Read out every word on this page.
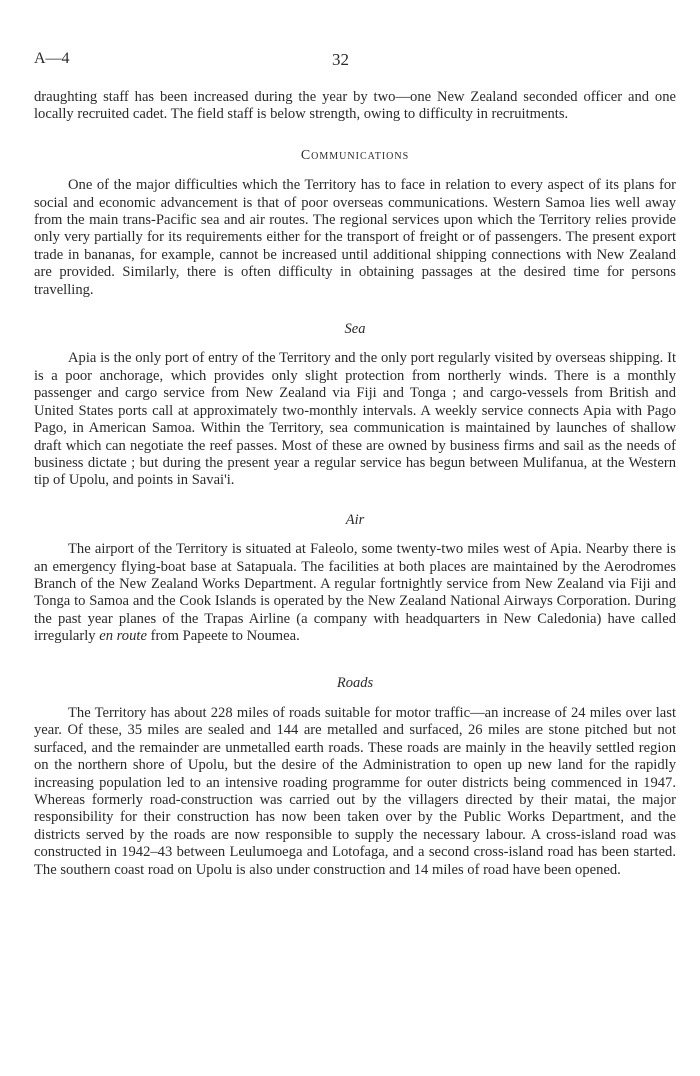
A—4	32

draughting staff has been increased during the year by two—one New Zealand seconded officer and one locally recruited cadet. The field staff is below strength, owing to difficulty in recruitments.

Communications

One of the major difficulties which the Territory has to face in relation to every aspect of its plans for social and economic advancement is that of poor overseas communications. Western Samoa lies well away from the main trans-Pacific sea and air routes. The regional services upon which the Territory relies provide only very partially for its requirements either for the transport of freight or of passengers. The present export trade in bananas, for example, cannot be increased until additional shipping connections with New Zealand are provided. Similarly, there is often difficulty in obtaining passages at the desired time for persons travelling.

Sea

Apia is the only port of entry of the Territory and the only port regularly visited by overseas shipping. It is a poor anchorage, which provides only slight protection from northerly winds. There is a monthly passenger and cargo service from New Zealand via Fiji and Tonga ; and cargo-vessels from British and United States ports call at approximately two-monthly intervals. A weekly service connects Apia with Pago Pago, in American Samoa. Within the Territory, sea communication is maintained by launches of shallow draft which can negotiate the reef passes. Most of these are owned by business firms and sail as the needs of business dictate ; but during the present year a regular service has begun between Mulifanua, at the Western tip of Upolu, and points in Savai'i.

Air

The airport of the Territory is situated at Faleolo, some twenty-two miles west of Apia. Nearby there is an emergency flying-boat base at Satapuala. The facilities at both places are maintained by the Aerodromes Branch of the New Zealand Works Department. A regular fortnightly service from New Zealand via Fiji and Tonga to Samoa and the Cook Islands is operated by the New Zealand National Airways Corporation. During the past year planes of the Trapas Airline (a company with headquarters in New Caledonia) have called irregularly en route from Papeete to Noumea.

Roads

The Territory has about 228 miles of roads suitable for motor traffic—an increase of 24 miles over last year. Of these, 35 miles are sealed and 144 are metalled and surfaced, 26 miles are stone pitched but not surfaced, and the remainder are unmetalled earth roads. These roads are mainly in the heavily settled region on the northern shore of Upolu, but the desire of the Administration to open up new land for the rapidly increasing population led to an intensive roading programme for outer districts being commenced in 1947. Whereas formerly road-construction was carried out by the villagers directed by their matai, the major responsibility for their construction has now been taken over by the Public Works Department, and the districts served by the roads are now responsible to supply the necessary labour. A cross-island road was constructed in 1942–43 between Leulumoega and Lotofaga, and a second cross-island road has been started. The southern coast road on Upolu is also under construction and 14 miles of road have been opened.
